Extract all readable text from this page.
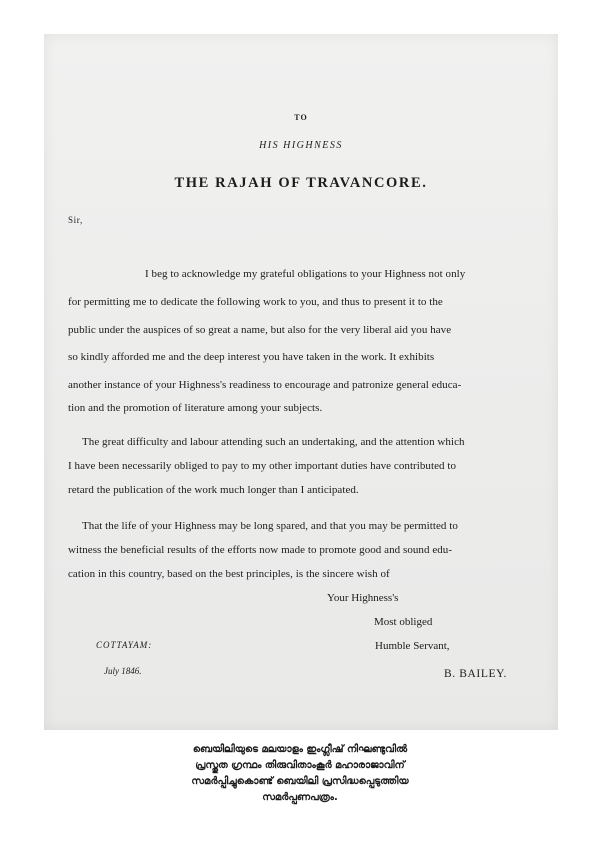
TO

HIS HIGHNESS

THE RAJAH OF TRAVANCORE.

Sir,

I beg to acknowledge my grateful obligations to your Highness not only

for permitting me to dedicate the following work to you, and thus to present it to the

public under the auspices of so great a name, but also for the very liberal aid you have

so kindly afforded me and the deep interest you have taken in the work. It exhibits

another instance of your Highness's readiness to encourage and patronize general educa-

tion and the promotion of literature among your subjects.

The great difficulty and labour attending such an undertaking, and the attention which

I have been necessarily obliged to pay to my other important duties have contributed to

retard the publication of the work much longer than I anticipated.

That the life of your Highness may be long spared, and that you may be permitted to

witness the beneficial results of the efforts now made to promote good and sound edu-

cation in this country, based on the best principles, is the sincere wish of

Your Highness's

Most obliged

COTTAYAM:	Humble Servant,

July 1846.	B. BAILEY.

ബെയിലിയുടെ മലയാളം ഇംഗ്ലീഷ് നിഘണ്ടുവിൽ
പ്രസ്തുത ഗ്രന്ഥം തിരുവിതാംകൂർ മഹാരാജാവിന്
സമർപ്പിച്ചുകൊണ്ട് ബെയിലി പ്രസിദ്ധപ്പെടുത്തിയ
സമർപ്പണപത്രം.
